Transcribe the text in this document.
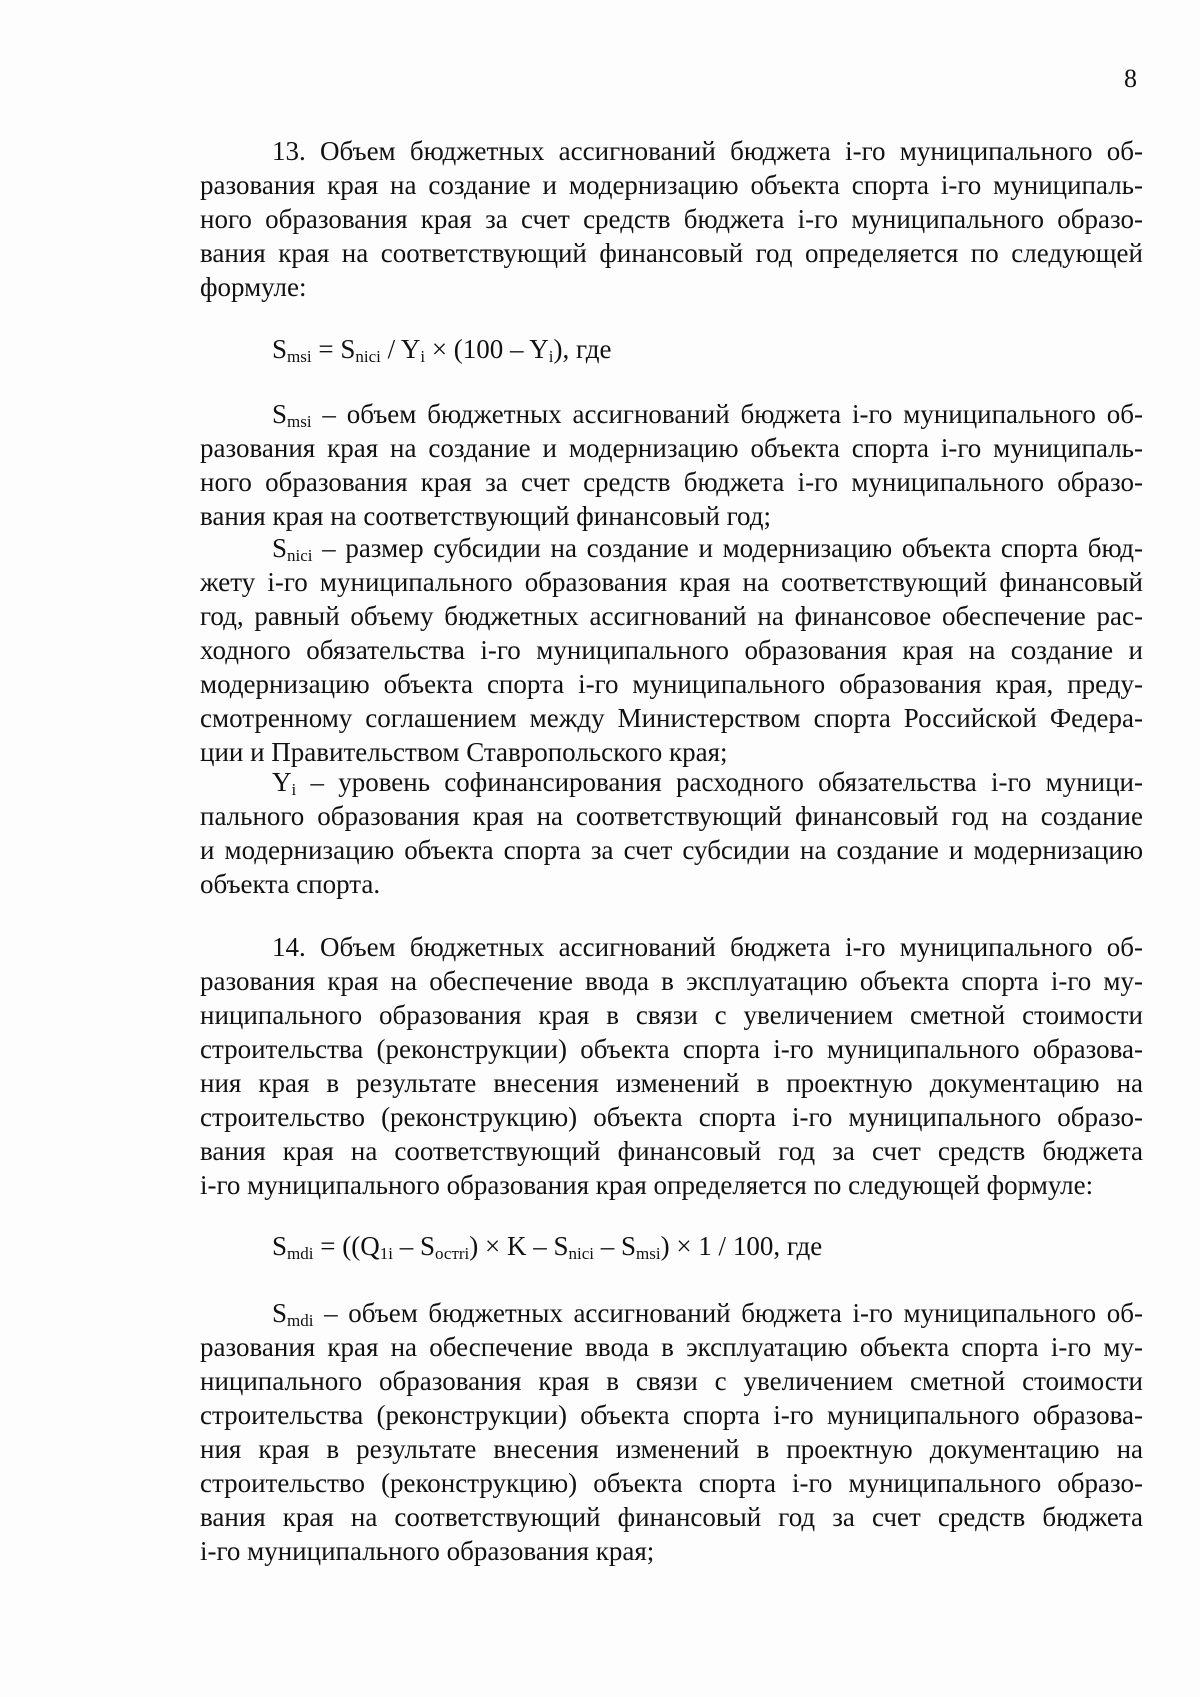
8
13. Объем бюджетных ассигнований бюджета i-го муниципального об-
разования края на создание и модернизацию объекта спорта i-го муниципаль-
ного образования края за счет средств бюджета i-го муниципального образо-
вания края на соответствующий финансовый год определяется по следующей
формуле:
$S_{msi} = S_{nici} / Y_i \times (100 - Y_i)$, где
$S_{msi}$ – объем бюджетных ассигнований бюджета i-го муниципального об-
разования края на создание и модернизацию объекта спорта i-го муниципаль-
ного образования края за счет средств бюджета i-го муниципального образо-
вания края на соответствующий финансовый год;
$S_{nici}$ – размер субсидии на создание и модернизацию объекта спорта бюд-
жету i-го муниципального образования края на соответствующий финансовый
год, равный объему бюджетных ассигнований на финансовое обеспечение рас-
ходного обязательства i-го муниципального образования края на создание и
модернизацию объекта спорта i-го муниципального образования края, преду-
смотренному соглашением между Министерством спорта Российской Федера-
ции и Правительством Ставропольского края;
$Y_i$ – уровень софинансирования расходного обязательства i-го муници-
пального образования края на соответствующий финансовый год на создание
и модернизацию объекта спорта за счет субсидии на создание и модернизацию
объекта спорта.
14. Объем бюджетных ассигнований бюджета i-го муниципального об-
разования края на обеспечение ввода в эксплуатацию объекта спорта i-го му-
ниципального образования края в связи с увеличением сметной стоимости
строительства (реконструкции) объекта спорта i-го муниципального образова-
ния края в результате внесения изменений в проектную документацию на
строительство (реконструкцию) объекта спорта i-го муниципального образо-
вания края на соответствующий финансовый год за счет средств бюджета
i-го муниципального образования края определяется по следующей формуле:
$S_{mdi} = ((Q_{1i} - S_{остri}) \times K - S_{nici} - S_{msi}) \times 1 / 100$, где
$S_{mdi}$ – объем бюджетных ассигнований бюджета i-го муниципального об-
разования края на обеспечение ввода в эксплуатацию объекта спорта i-го му-
ниципального образования края в связи с увеличением сметной стоимости
строительства (реконструкции) объекта спорта i-го муниципального образова-
ния края в результате внесения изменений в проектную документацию на
строительство (реконструкцию) объекта спорта i-го муниципального образо-
вания края на соответствующий финансовый год за счет средств бюджета
i-го муниципального образования края;
